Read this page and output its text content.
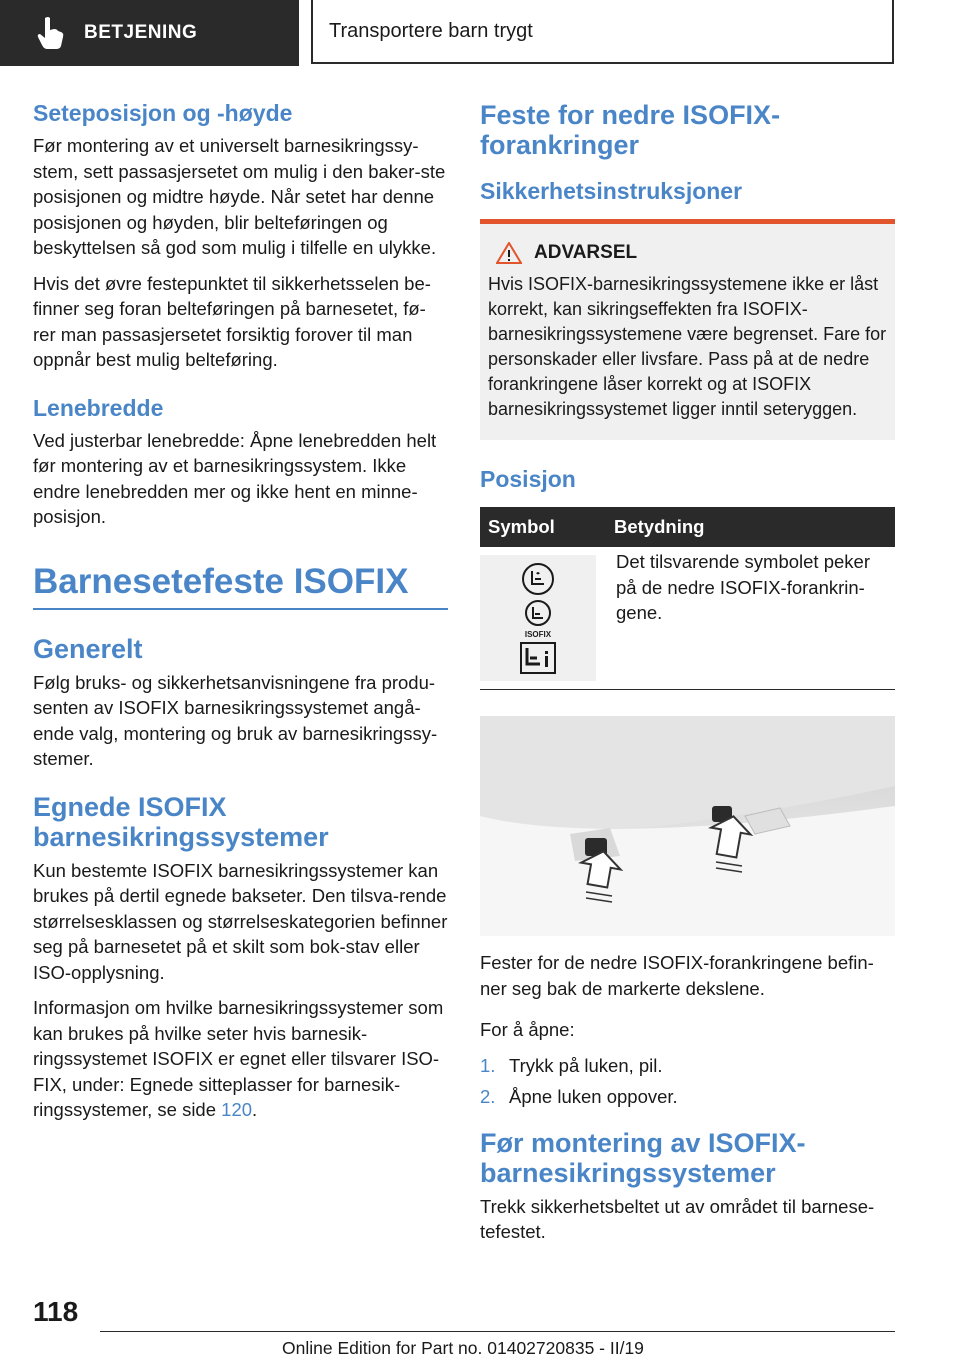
BETJENING	Transportere barn trygt
Seteposisjon og -høyde

Før montering av et universelt barnesikringssy-stem, sett passasjersetet om mulig i den baker-ste posisjonen og midtre høyde. Når setet har denne posisjonen og høyden, blir belteføringen og beskyttelsen så god som mulig i tilfelle en ulykke.

Hvis det øvre festepunktet til sikkerhetsselen be-finner seg foran belteføringen på barnesetet, fø-rer man passasjersetet forsiktig forover til man oppnår best mulig belteføring.

Lenebredde

Ved justerbar lenebredde: Åpne lenebredden helt før montering av et barnesikringssystem. Ikke endre lenebredden mer og ikke hent en minne-posisjon.

Barnesetefeste ISOFIX
Generelt

Følg bruks- og sikkerhetsanvisningene fra produ-senten av ISOFIX barnesikringssystemet angå-ende valg, montering og bruk av barnesikringssy-stemer.

Egnede ISOFIX barnesikringssystemer

Kun bestemte ISOFIX barnesikringssystemer kan brukes på dertil egnede bakseter. Den tilsva-rende størrelsesklassen og størrelseskategorien befinner seg på barnesetet på et skilt som bok-stav eller ISO-opplysning.

Informasjon om hvilke barnesikringssystemer som kan brukes på hvilke seter hvis barnesik-ringssystemet ISOFIX er egnet eller tilsvarer ISO-FIX, under: Egnede sitteplasser for barnesik-ringssystemer, se side 120.

Feste for nedre ISOFIX-forankringer
Sikkerhetsinstruksjoner
ADVARSEL

Hvis ISOFIX-barnesikringssystemene ikke er låst korrekt, kan sikringseffekten fra ISOFIX-barnesikringssystemene være begrenset. Fare for personskader eller livsfare. Pass på at de nedre forankringene låser korrekt og at ISOFIX barnesikringssystemet ligger inntil seteryggen.

Posisjon
Symbol	Betydning

ISOFIX	Det tilsvarende symbolet peker på de nedre ISOFIX-forankrin-gene.

Fester for de nedre ISOFIX-forankringene befin-ner seg bak de markerte dekslene.

For å åpne:

1. Trykk på luken, pil.
2. Åpne luken oppover.
Før montering av ISOFIX-barnesikringssystemer

Trekk sikkerhetsbeltet ut av området til barnese-tefestet.

118
Online Edition for Part no. 01402720835 - II/19
